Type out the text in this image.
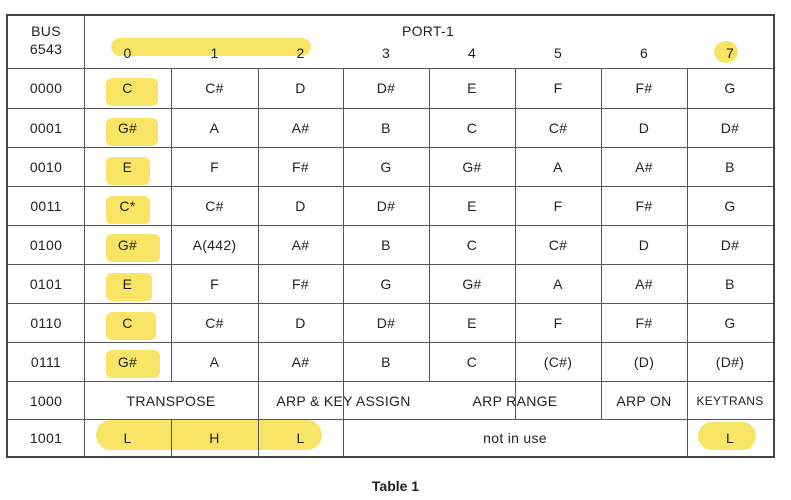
BUS
6543
PORT-1
0	1	2	3	4	5	6	7
0000	C	C#	D	D#	E	F	F#	G
0001	G#	A	A#	B	C	C#	D	D#
0010	E	F	F#	G	G#	A	A#	B
0011	C*	C#	D	D#	E	F	F#	G
0100	G#	A(442)	A#	B	C	C#	D	D#
0101	E	F	F#	G	G#	A	A#	B
0110	C	C#	D	D#	E	F	F#	G
0111	G#	A	A#	B	C	(C#)	(D)	(D#)
1000	TRANSPOSE	ARP & KEY ASSIGN	ARP RANGE	ARP ON	KEYTRANS
1001	L	H	L	not in use	L
Table 1
